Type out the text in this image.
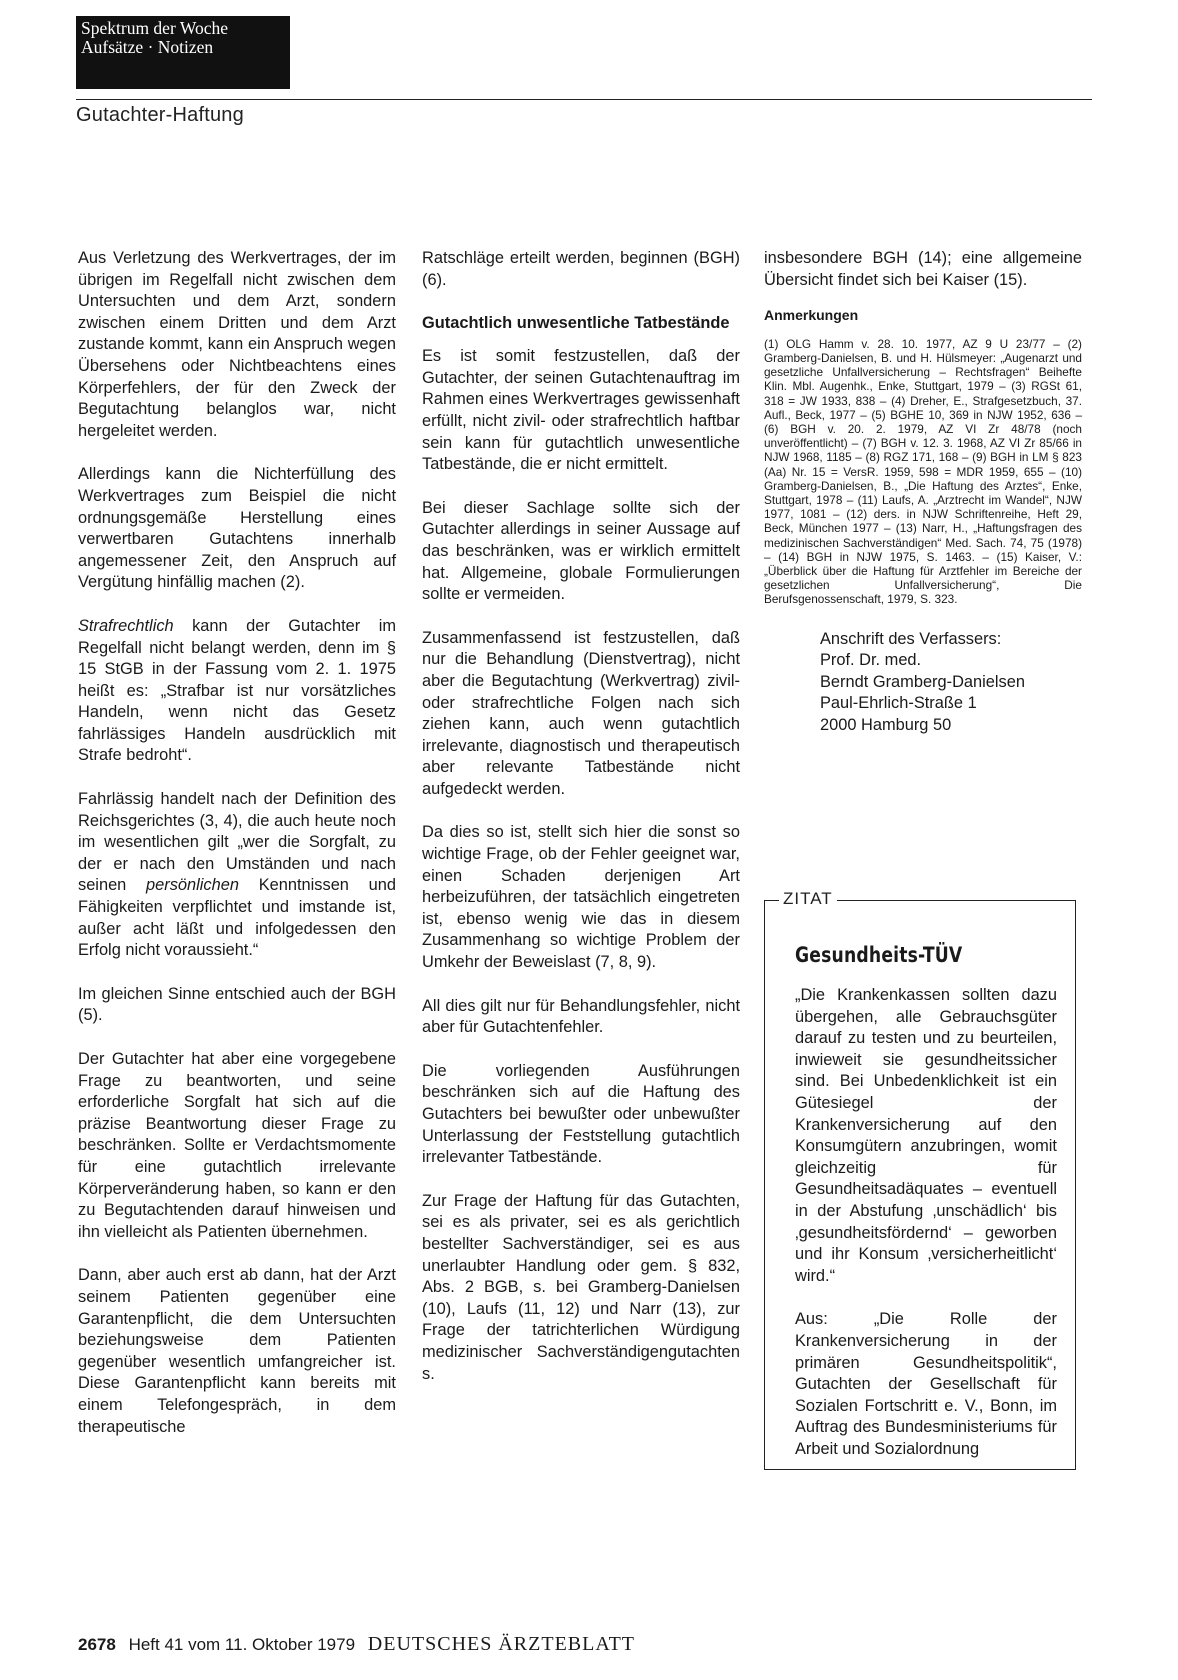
Spektrum der Woche
Aufsätze · Notizen
Gutachter-Haftung

Aus Verletzung des Werkvertrages, der im übrigen im Regelfall nicht zwischen dem Untersuchten und dem Arzt, sondern zwischen einem Dritten und dem Arzt zustande kommt, kann ein Anspruch wegen Übersehens oder Nichtbeachtens eines Körperfehlers, der für den Zweck der Begutachtung belanglos war, nicht hergeleitet werden.

Allerdings kann die Nichterfüllung des Werkvertrages zum Beispiel die nicht ordnungsgemäße Herstellung eines verwertbaren Gutachtens innerhalb angemessener Zeit, den Anspruch auf Vergütung hinfällig machen (2).

Strafrechtlich kann der Gutachter im Regelfall nicht belangt werden, denn im § 15 StGB in der Fassung vom 2. 1. 1975 heißt es: „Strafbar ist nur vorsätzliches Handeln, wenn nicht das Gesetz fahrlässiges Handeln ausdrücklich mit Strafe bedroht“.

Fahrlässig handelt nach der Definition des Reichsgerichtes (3, 4), die auch heute noch im wesentlichen gilt „wer die Sorgfalt, zu der er nach den Umständen und nach seinen persönlichen Kenntnissen und Fähigkeiten verpflichtet und imstande ist, außer acht läßt und infolgedessen den Erfolg nicht voraussieht.“

Im gleichen Sinne entschied auch der BGH (5).

Der Gutachter hat aber eine vorgegebene Frage zu beantworten, und seine erforderliche Sorgfalt hat sich auf die präzise Beantwortung dieser Frage zu beschränken. Sollte er Verdachtsmomente für eine gutachtlich irrelevante Körperveränderung haben, so kann er den zu Begutachtenden darauf hinweisen und ihn vielleicht als Patienten übernehmen.

Dann, aber auch erst ab dann, hat der Arzt seinem Patienten gegenüber eine Garantenpflicht, die dem Untersuchten beziehungsweise dem Patienten gegenüber wesentlich umfangreicher ist. Diese Garantenpflicht kann bereits mit einem Telefongespräch, in dem therapeutische

Ratschläge erteilt werden, beginnen (BGH) (6).

Gutachtlich unwesentliche Tatbestände

Es ist somit festzustellen, daß der Gutachter, der seinen Gutachtenauftrag im Rahmen eines Werkvertrages gewissenhaft erfüllt, nicht zivil- oder strafrechtlich haftbar sein kann für gutachtlich unwesentliche Tatbestände, die er nicht ermittelt.

Bei dieser Sachlage sollte sich der Gutachter allerdings in seiner Aussage auf das beschränken, was er wirklich ermittelt hat. Allgemeine, globale Formulierungen sollte er vermeiden.

Zusammenfassend ist festzustellen, daß nur die Behandlung (Dienstvertrag), nicht aber die Begutachtung (Werkvertrag) zivil- oder strafrechtliche Folgen nach sich ziehen kann, auch wenn gutachtlich irrelevante, diagnostisch und therapeutisch aber relevante Tatbestände nicht aufgedeckt werden.

Da dies so ist, stellt sich hier die sonst so wichtige Frage, ob der Fehler geeignet war, einen Schaden derjenigen Art herbeizuführen, der tatsächlich eingetreten ist, ebenso wenig wie das in diesem Zusammenhang so wichtige Problem der Umkehr der Beweislast (7, 8, 9).

All dies gilt nur für Behandlungsfehler, nicht aber für Gutachtenfehler.

Die vorliegenden Ausführungen beschränken sich auf die Haftung des Gutachters bei bewußter oder unbewußter Unterlassung der Feststellung gutachtlich irrelevanter Tatbestände.

Zur Frage der Haftung für das Gutachten, sei es als privater, sei es als gerichtlich bestellter Sachverständiger, sei es aus unerlaubter Handlung oder gem. § 832, Abs. 2 BGB, s. bei Gramberg-Danielsen (10), Laufs (11, 12) und Narr (13), zur Frage der tatrichterlichen Würdigung medizinischer Sachverständigengutachten s.

insbesondere BGH (14); eine allgemeine Übersicht findet sich bei Kaiser (15).

Anmerkungen
(1) OLG Hamm v. 28. 10. 1977, AZ 9 U 23/77 – (2) Gramberg-Danielsen, B. und H. Hülsmeyer: „Augenarzt und gesetzliche Unfallversicherung – Rechtsfragen“ Beihefte Klin. Mbl. Augenhk., Enke, Stuttgart, 1979 – (3) RGSt 61, 318 = JW 1933, 838 – (4) Dreher, E., Strafgesetzbuch, 37. Aufl., Beck, 1977 – (5) BGHE 10, 369 in NJW 1952, 636 – (6) BGH v. 20. 2. 1979, AZ VI Zr 48/78 (noch unveröffentlicht) – (7) BGH v. 12. 3. 1968, AZ VI Zr 85/66 in NJW 1968, 1185 – (8) RGZ 171, 168 – (9) BGH in LM § 823 (Aa) Nr. 15 = VersR. 1959, 598 = MDR 1959, 655 – (10) Gramberg-Danielsen, B., „Die Haftung des Arztes“, Enke, Stuttgart, 1978 – (11) Laufs, A. „Arztrecht im Wandel“, NJW 1977, 1081 – (12) ders. in NJW Schriftenreihe, Heft 29, Beck, München 1977 – (13) Narr, H., „Haftungsfragen des medizinischen Sachverständigen“ Med. Sach. 74, 75 (1978) – (14) BGH in NJW 1975, S. 1463. – (15) Kaiser, V.: „Überblick über die Haftung für Arztfehler im Bereiche der gesetzlichen Unfallversicherung“, Die Berufsgenossenschaft, 1979, S. 323.
Anschrift des Verfassers:
Prof. Dr. med.
Berndt Gramberg-Danielsen
Paul-Ehrlich-Straße 1
2000 Hamburg 50
ZITAT
Gesundheits-TÜV

„Die Krankenkassen sollten dazu übergehen, alle Gebrauchsgüter darauf zu testen und zu beurteilen, inwieweit sie gesundheitssicher sind. Bei Unbedenklichkeit ist ein Gütesiegel der Krankenversicherung auf den Konsumgütern anzubringen, womit gleichzeitig für Gesundheitsadäquates – eventuell in der Abstufung ‚unschädlich‘ bis ‚gesundheitsfördernd‘ – geworben und ihr Konsum ‚versicherheitlicht‘ wird.“

Aus: „Die Rolle der Krankenversicherung in der primären Gesundheitspolitik“, Gutachten der Gesellschaft für Sozialen Fortschritt e. V., Bonn, im Auftrag des Bundesministeriums für Arbeit und Sozialordnung

2678 Heft 41 vom 11. Oktober 1979 DEUTSCHES ÄRZTEBLATT
